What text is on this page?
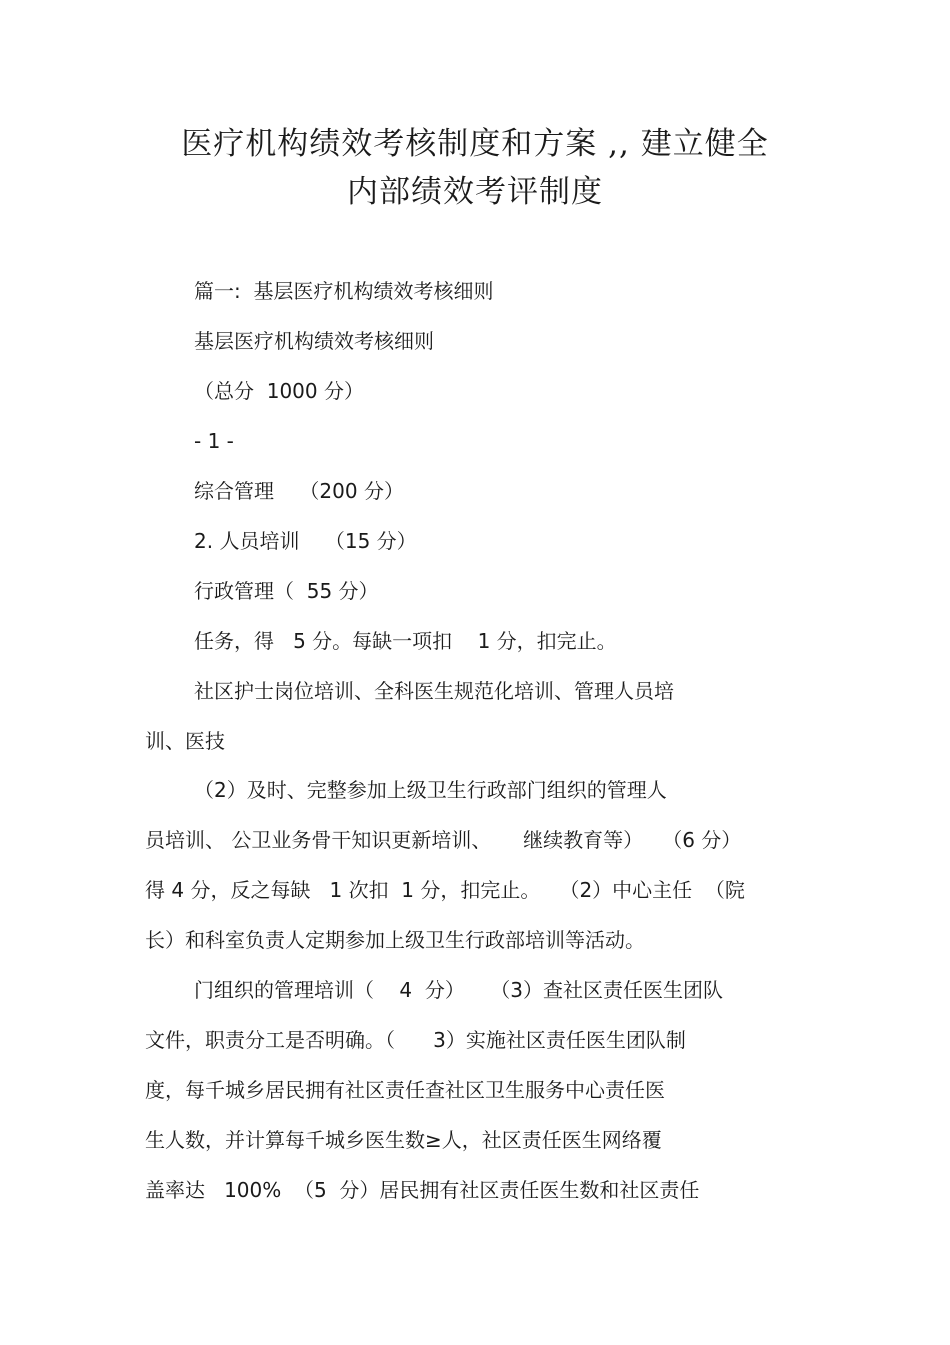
医疗机构绩效考核制度和方案 ,, 建立健全
内部绩效考评制度
篇一:  基层医疗机构绩效考核细则
基层医疗机构绩效考核细则
（总分  1000 分）
- 1 -
综合管理    （200 分）
2. 人员培训    （15 分）
行政管理（  55 分）
任务，得   5 分。每缺一项扣    1 分，扣完止。
社区护士岗位培训、全科医生规范化培训、管理人员培
训、医技
（2）及时、完整参加上级卫生行政部门组织的管理人
员培训、 公卫业务骨干知识更新培训、     继续教育等）   （6 分）
得 4 分，反之每缺   1 次扣  1 分，扣完止。   （2）中心主任  （院
长）和科室负责人定期参加上级卫生行政部培训等活动。
门组织的管理培训（    4  分）    （3）查社区责任医生团队
文件，职责分工是否明确。（      3）实施社区责任医生团队制
度，每千城乡居民拥有社区责任查社区卫生服务中心责任医
生人数，并计算每千城乡医生数≥人，社区责任医生网络覆
盖率达   100%  （5  分）居民拥有社区责任医生数和社区责任
